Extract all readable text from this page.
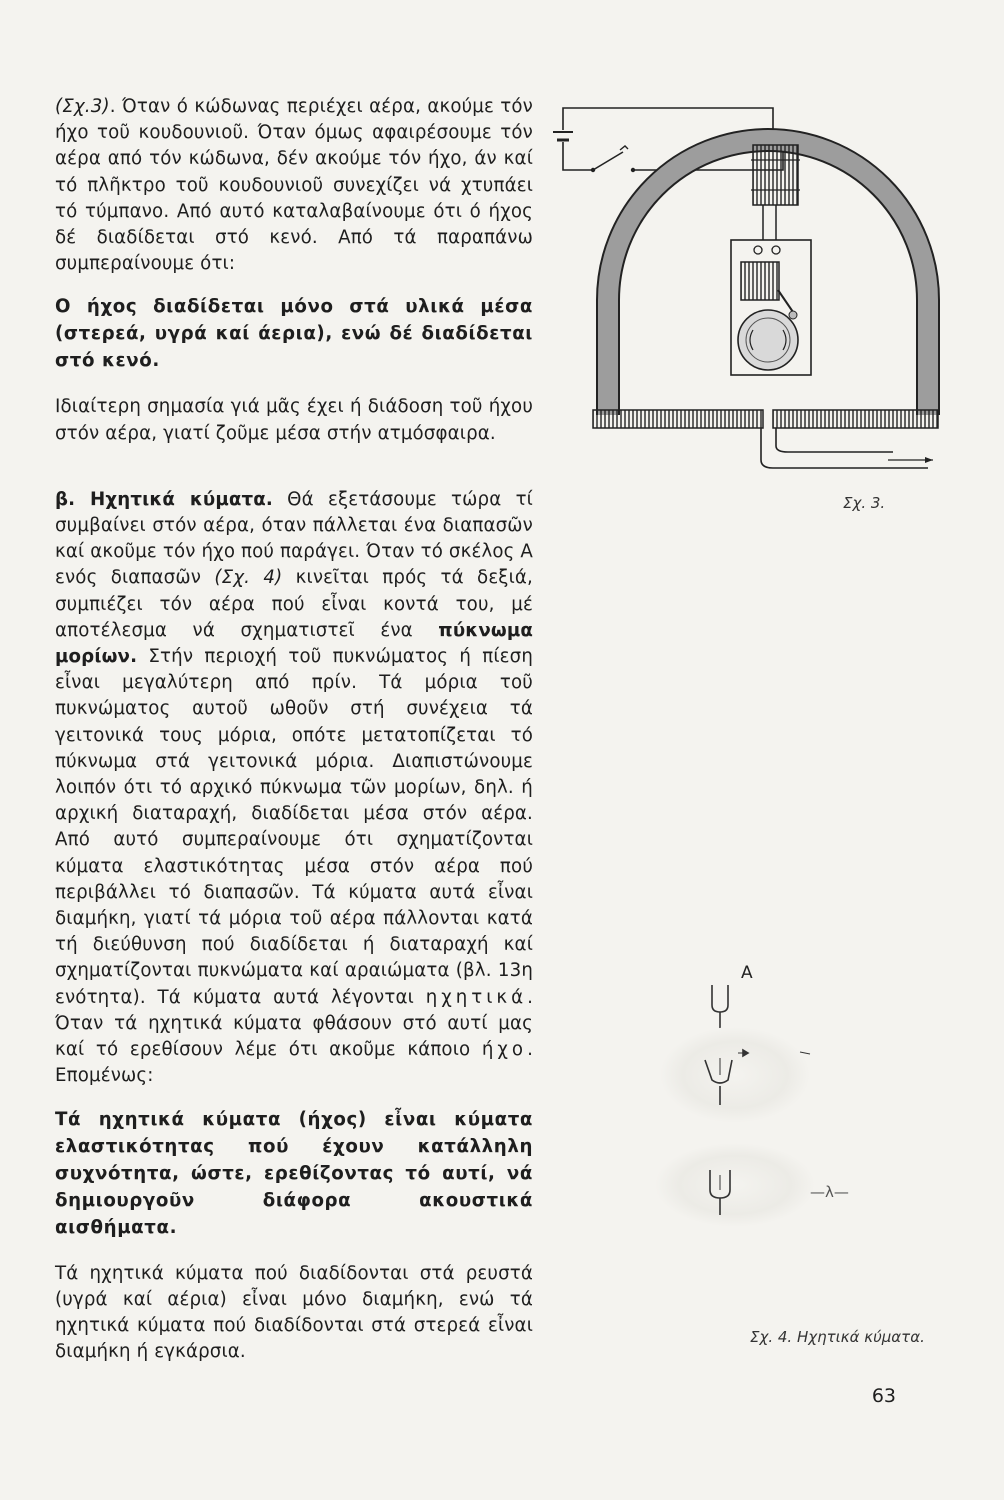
(Σχ.3). Όταν ό κώδωνας περιέχει αέρα, ακούμε τόν ήχο τοῦ κουδουνιοῦ. Όταν όμως αφαιρέσουμε τόν αέρα από τόν κώδωνα, δέν ακούμε τόν ήχο, άν καί τό πλῆκτρο τοῦ κουδουνιοῦ συνεχίζει νά χτυπάει τό τύμπανο. Από αυτό καταλαβαίνουμε ότι ό ήχος δέ διαδίδεται στό κενό. Από τά παραπάνω συμπεραίνουμε ότι:

Ο ήχος διαδίδεται μόνο στά υλικά μέσα (στερεά, υγρά καί άερια), ενώ δέ διαδίδεται στό κενό.

Ιδιαίτερη σημασία γιά μᾶς έχει ή διάδοση τοῦ ήχου στόν αέρα, γιατί ζοῦμε μέσα στήν ατμόσφαιρα.

β. Ηχητικά κύματα. Θά εξετάσουμε τώρα τί συμβαίνει στόν αέρα, όταν πάλλεται ένα διαπασῶν καί ακοῦμε τόν ήχο πού παράγει. Όταν τό σκέλος Α ενός διαπασῶν (Σχ. 4) κινεῖται πρός τά δεξιά, συμπιέζει τόν αέρα πού εἶναι κοντά του, μέ αποτέλεσμα νά σχηματιστεῖ ένα πύκνωμα μορίων. Στήν περιοχή τοῦ πυκνώματος ή πίεση εἶναι μεγαλύτερη από πρίν. Τά μόρια τοῦ πυκνώματος αυτοῦ ωθοῦν στή συνέχεια τά γειτονικά τους μόρια, οπότε μετατοπίζεται τό πύκνωμα στά γειτονικά μόρια. Διαπιστώνουμε λοιπόν ότι τό αρχικό πύκνωμα τῶν μορίων, δηλ. ή αρχική διαταραχή, διαδίδεται μέσα στόν αέρα. Από αυτό συμπεραίνουμε ότι σχηματίζονται κύματα ελαστικότητας μέσα στόν αέρα πού περιβάλλει τό διαπασῶν. Τά κύματα αυτά εἶναι διαμήκη, γιατί τά μόρια τοῦ αέρα πάλλονται κατά τή διεύθυνση πού διαδίδεται ή διαταραχή καί σχηματίζονται πυκνώματα καί αραιώματα (βλ. 13η ενότητα). Τά κύματα αυτά λέγονται ηχητικά. Όταν τά ηχητικά κύματα φθάσουν στό αυτί μας καί τό ερεθίσουν λέμε ότι ακοῦμε κάποιο ήχο. Επομένως:

Τά ηχητικά κύματα (ήχος) εἶναι κύματα ελαστικότητας πού έχουν κατάλληλη συχνότητα, ώστε, ερεθίζοντας τό αυτί, νά δημιουργοῦν διάφορα ακουστικά αισθήματα.

Τά ηχητικά κύματα πού διαδίδονται στά ρευστά (υγρά καί αέρια) εἶναι μόνο διαμήκη, ενώ τά ηχητικά κύματα πού διαδίδονται στά στερεά εἶναι διαμήκη ή εγκάρσια.

Σχ. 3.
A
—λ—
Σχ. 4. Ηχητικά κύματα.
63
